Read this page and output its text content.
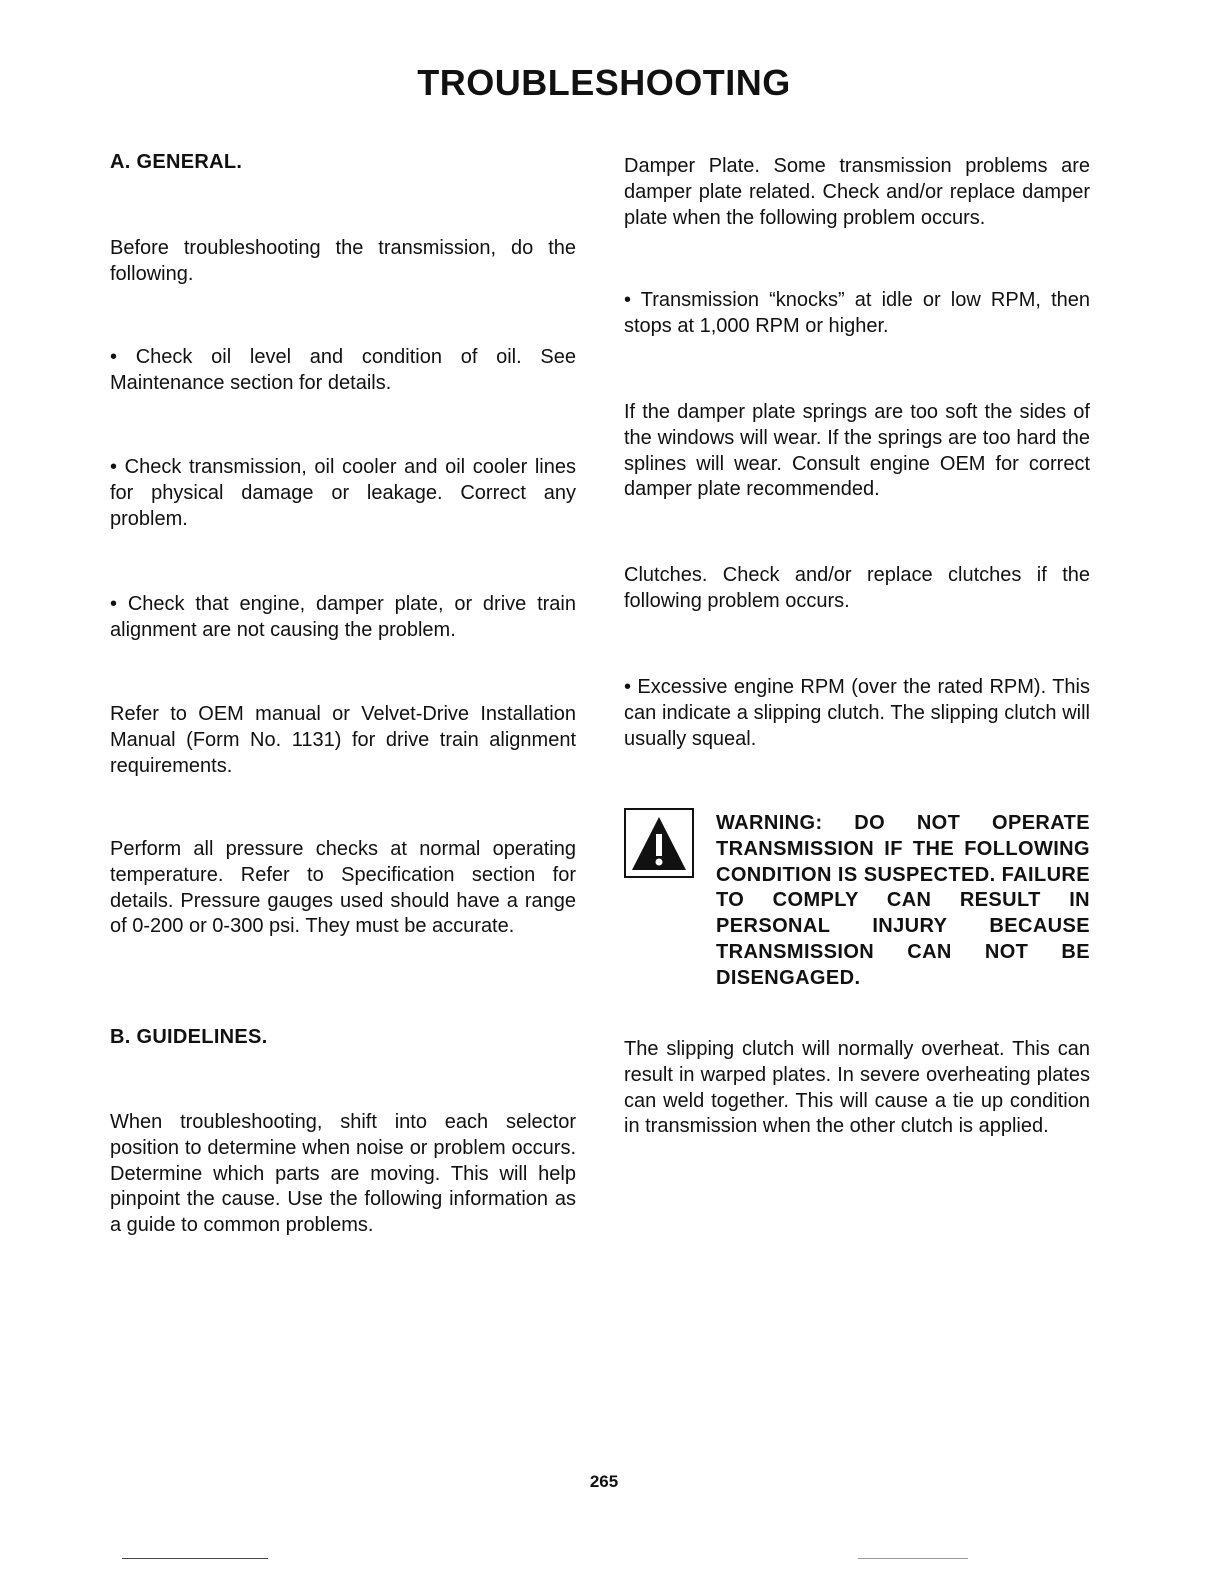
TROUBLESHOOTING

A. GENERAL.

Before troubleshooting the transmission, do the following.

• Check oil level and condition of oil. See Maintenance section for details.

• Check transmission, oil cooler and oil cooler lines for physical damage or leakage. Correct any problem.

• Check that engine, damper plate, or drive train alignment are not causing the problem.

Refer to OEM manual or Velvet-Drive Installation Manual (Form No. 1131) for drive train alignment requirements.

Perform all pressure checks at normal operating temperature. Refer to Specification section for details. Pressure gauges used should have a range of 0-200 or 0-300 psi. They must be accurate.

B. GUIDELINES.

When troubleshooting, shift into each selector position to determine when noise or problem occurs. Determine which parts are moving. This will help pinpoint the cause. Use the following information as a guide to common problems.

Damper Plate. Some transmission problems are damper plate related. Check and/or replace damper plate when the following problem occurs.

• Transmission “knocks” at idle or low RPM, then stops at 1,000 RPM or higher.

If the damper plate springs are too soft the sides of the windows will wear. If the springs are too hard the splines will wear. Consult engine OEM for correct damper plate recommended.

Clutches. Check and/or replace clutches if the following problem occurs.

• Excessive engine RPM (over the rated RPM). This can indicate a slipping clutch. The slipping clutch will usually squeal.

WARNING: DO NOT OPERATE TRANSMISSION IF THE FOLLOWING CONDITION IS SUSPECTED. FAILURE TO COMPLY CAN RESULT IN PERSONAL INJURY BECAUSE TRANSMISSION CAN NOT BE DISENGAGED.

The slipping clutch will normally overheat. This can result in warped plates. In severe overheating plates can weld together. This will cause a tie up condition in transmission when the other clutch is applied.

265
